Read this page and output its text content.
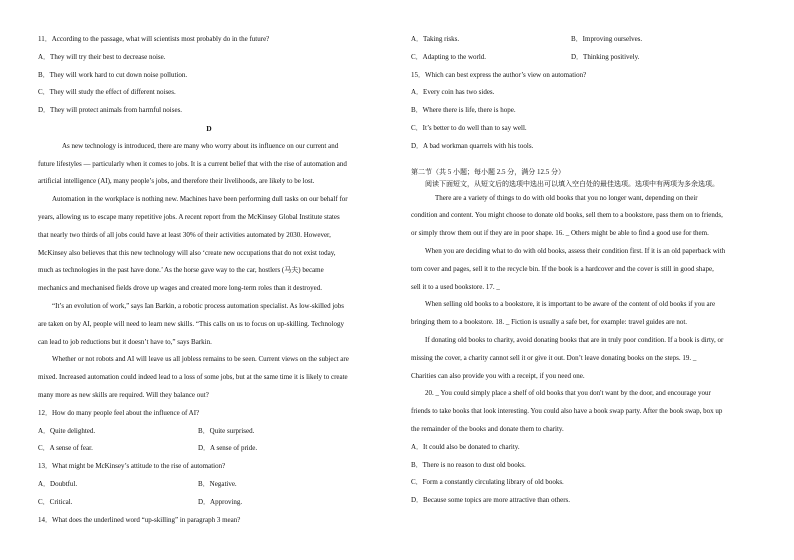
11．According to the passage, what will scientists most probably do in the future?
A．They will try their best to decrease noise.
B．They will work hard to cut down noise pollution.
C．They will study the effect of different noises.
D．They will protect animals from harmful noises.
D
As new technology is introduced, there are many who worry about its influence on our current and
future lifestyles — particularly when it comes to jobs. It is a current belief that with the rise of automation and
artificial intelligence (AI), many people’s jobs, and therefore their livelihoods, are likely to be lost.
Automation in the workplace is nothing new. Machines have been performing dull tasks on our behalf for
years, allowing us to escape many repetitive jobs. A recent report from the McKinsey Global Institute states
that nearly two thirds of all jobs could have at least 30% of their activities automated by 2030. However,
McKinsey also believes that this new technology will also ‘create new occupations that do not exist today,
much as technologies in the past have done.’ As the horse gave way to the car, hostlers (马夫) became
mechanics and mechanised fields drove up wages and created more long-term roles than it destroyed.
“It’s an evolution of work,” says Ian Barkin, a robotic process automation specialist. As low-skilled jobs
are taken on by AI, people will need to learn new skills. “This calls on us to focus on up-skilling. Technology
can lead to job reductions but it doesn’t have to,” says Barkin.
Whether or not robots and AI will leave us all jobless remains to be seen. Current views on the subject are
mixed. Increased automation could indeed lead to a loss of some jobs, but at the same time it is likely to create
many more as new skills are required. Will they balance out?
12．How do many people feel about the influence of AI?
A．Quite delighted.	B．Quite surprised.
C．A sense of fear.	D．A sense of pride.
13．What might be McKinsey’s attitude to the rise of automation?
A．Doubtful.	B．Negative.
C．Critical.	D．Approving.
14．What does the underlined word “up-skilling” in paragraph 3 mean?
A．Taking risks.	B．Improving ourselves.
C．Adapting to the world.	D．Thinking positively.
15．Which can best express the author’s view on automation?
A．Every coin has two sides.
B．Where there is life, there is hope.
C．It’s better to do well than to say well.
D．A bad workman quarrels with his tools.
第二节（共 5 小题；每小题 2.5 分，满分 12.5 分）
阅读下面短文，从短文后的选项中选出可以填入空白处的最佳选项。选项中有两项为多余选项。
There are a variety of things to do with old books that you no longer want, depending on their
condition and content. You might choose to donate old books, sell them to a bookstore, pass them on to friends,
or simply throw them out if they are in poor shape. 16. _ Others might be able to find a good use for them.
When you are deciding what to do with old books, assess their condition first. If it is an old paperback with
torn cover and pages, sell it to the recycle bin. If the book is a hardcover and the cover is still in good shape,
sell it to a used bookstore. 17. _
When selling old books to a bookstore, it is important to be aware of the content of old books if you are
bringing them to a bookstore. 18. _ Fiction is usually a safe bet, for example: travel guides are not.
If donating old books to charity, avoid donating books that are in truly poor condition. If a book is dirty, or
missing the cover, a charity cannot sell it or give it out. Don’t leave donating books on the steps. 19. _
Charities can also provide you with a receipt, if you need one.
20. _ You could simply place a shelf of old books that you don't want by the door, and encourage your
friends to take books that look interesting. You could also have a book swap party. After the book swap, box up
the remainder of the books and donate them to charity.
A．It could also be donated to charity.
B．There is no reason to dust old books.
C．Form a constantly circulating library of old books.
D．Because some topics are more attractive than others.
